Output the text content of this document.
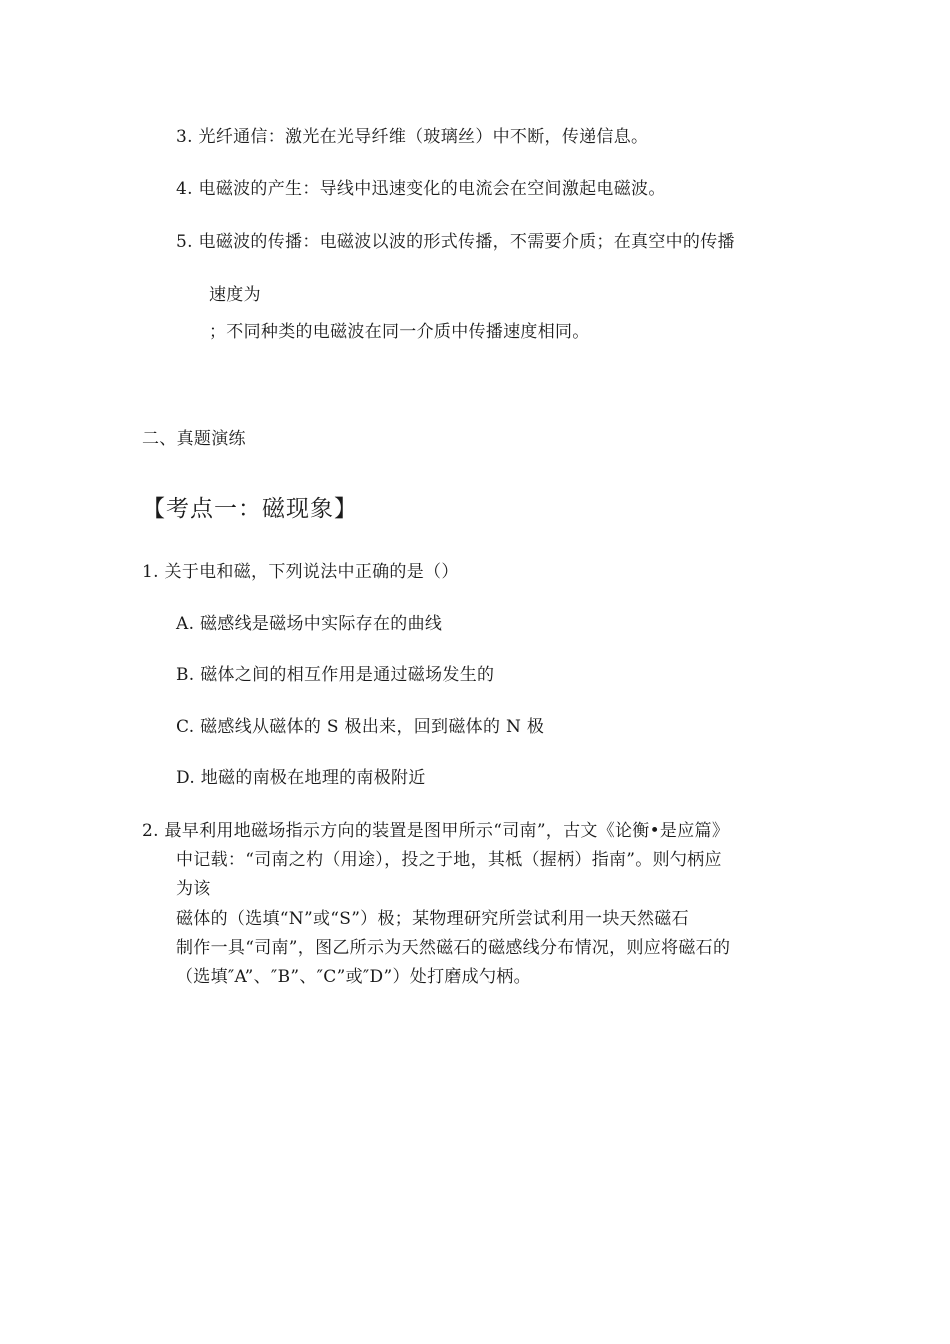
3. 光纤通信：激光在光导纤维（玻璃丝）中不断，传递信息。
4. 电磁波的产生：导线中迅速变化的电流会在空间激起电磁波。
5. 电磁波的传播：电磁波以波的形式传播，不需要介质；在真空中的传播
速度为
；不同种类的电磁波在同一介质中传播速度相同。
二、真题演练
【考点一：磁现象】
1. 关于电和磁，下列说法中正确的是（）
A. 磁感线是磁场中实际存在的曲线
B. 磁体之间的相互作用是通过磁场发生的
C. 磁感线从磁体的 S 极出来，回到磁体的 N 极
D. 地磁的南极在地理的南极附近
2. 最早利用地磁场指示方向的装置是图甲所示“司南”，古文《论衡•是应篇》
中记载：“司南之杓（用途），投之于地，其柢（握柄）指南”。则勺柄应
为该
磁体的（选填“N”或“S”）极；某物理研究所尝试利用一块天然磁石
制作一具“司南”，图乙所示为天然磁石的磁感线分布情况，则应将磁石的
（选填″A”、″B”、″C”或″D”）处打磨成勺柄。
